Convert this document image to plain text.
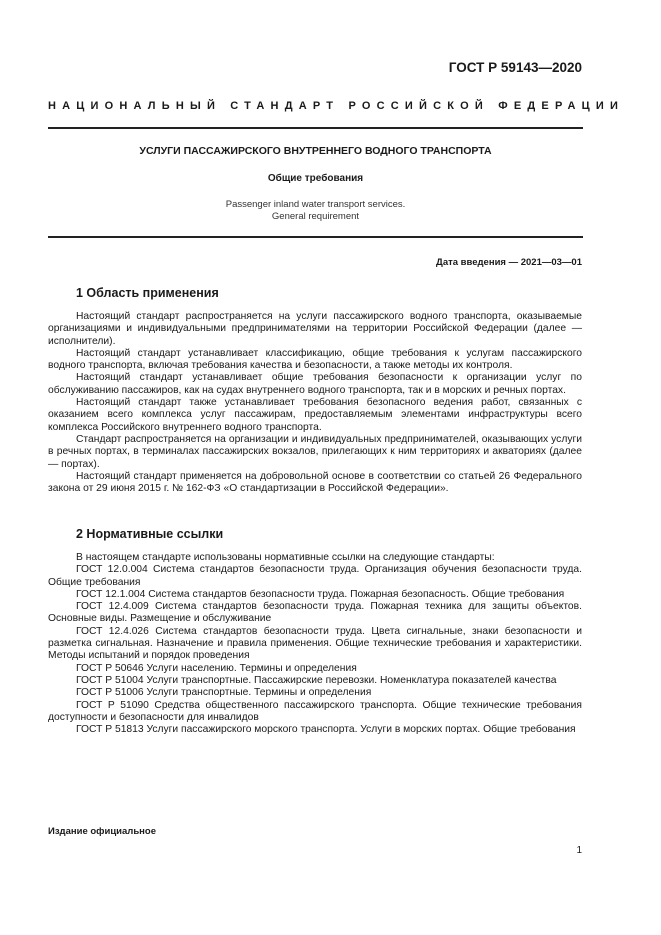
ГОСТ Р 59143—2020
НАЦИОНАЛЬНЫЙ СТАНДАРТ РОССИЙСКОЙ ФЕДЕРАЦИИ
УСЛУГИ ПАССАЖИРСКОГО ВНУТРЕННЕГО ВОДНОГО ТРАНСПОРТА
Общие требования
Passenger inland water transport services.
General requirement
Дата введения — 2021—03—01
1 Область применения

Настоящий стандарт распространяется на услуги пассажирского водного транспорта, оказываемые организациями и индивидуальными предпринимателями на территории Российской Федерации (далее — исполнители).

Настоящий стандарт устанавливает классификацию, общие требования к услугам пассажирского водного транспорта, включая требования качества и безопасности, а также методы их контроля.

Настоящий стандарт устанавливает общие требования безопасности к организации услуг по обслуживанию пассажиров, как на судах внутреннего водного транспорта, так и в морских и речных портах.

Настоящий стандарт также устанавливает требования безопасного ведения работ, связанных с оказанием всего комплекса услуг пассажирам, предоставляемым элементами инфраструктуры всего комплекса Российского внутреннего водного транспорта.

Стандарт распространяется на организации и индивидуальных предпринимателей, оказывающих услуги в речных портах, в терминалах пассажирских вокзалов, прилегающих к ним территориях и акваториях (далее — портах).

Настоящий стандарт применяется на добровольной основе в соответствии со статьей 26 Федерального закона от 29 июня 2015 г. № 162-ФЗ «О стандартизации в Российской Федерации».

2 Нормативные ссылки

В настоящем стандарте использованы нормативные ссылки на следующие стандарты:

ГОСТ 12.0.004 Система стандартов безопасности труда. Организация обучения безопасности труда. Общие требования

ГОСТ 12.1.004 Система стандартов безопасности труда. Пожарная безопасность. Общие требования

ГОСТ 12.4.009 Система стандартов безопасности труда. Пожарная техника для защиты объектов. Основные виды. Размещение и обслуживание

ГОСТ 12.4.026 Система стандартов безопасности труда. Цвета сигнальные, знаки безопасности и разметка сигнальная. Назначение и правила применения. Общие технические требования и характеристики. Методы испытаний и порядок проведения

ГОСТ Р 50646 Услуги населению. Термины и определения

ГОСТ Р 51004 Услуги транспортные. Пассажирские перевозки. Номенклатура показателей качества

ГОСТ Р 51006 Услуги транспортные. Термины и определения

ГОСТ Р 51090 Средства общественного пассажирского транспорта. Общие технические требования доступности и безопасности для инвалидов

ГОСТ Р 51813 Услуги пассажирского морского транспорта. Услуги в морских портах. Общие требования

Издание официальное
1
